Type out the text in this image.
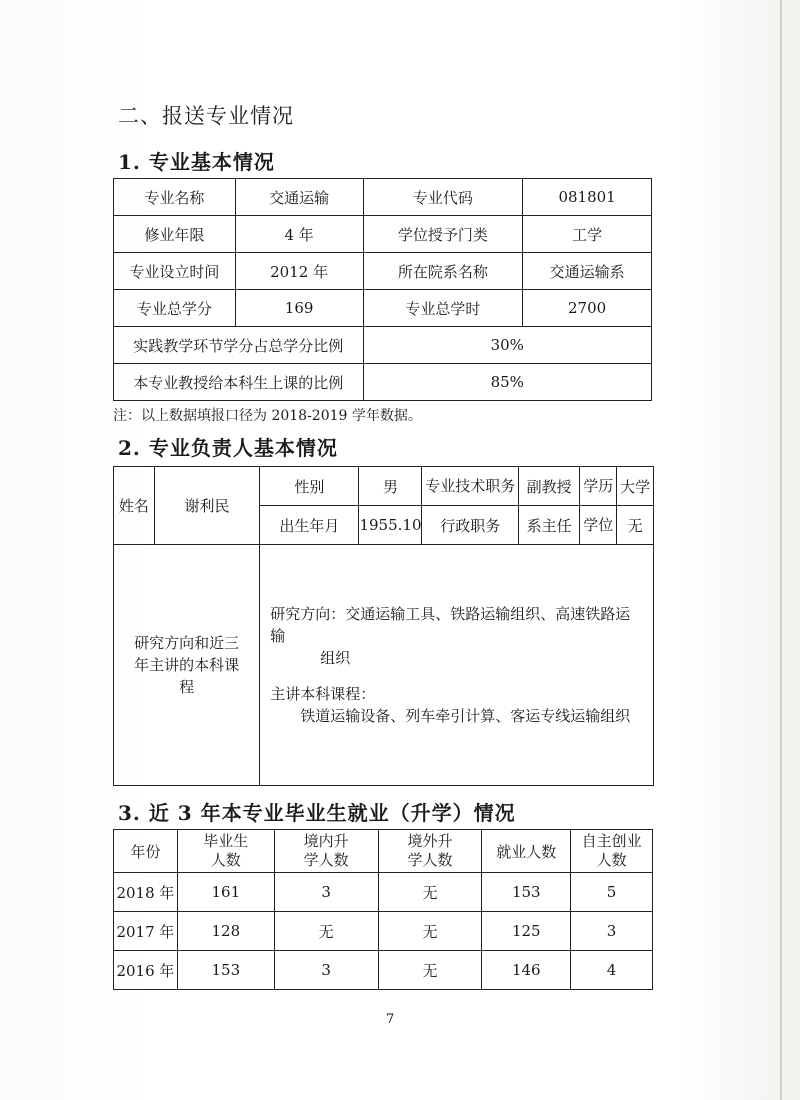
二、报送专业情况
1. 专业基本情况
专业名称	交通运输	专业代码	081801
修业年限	4 年	学位授予门类	工学
专业设立时间	2012 年	所在院系名称	交通运输系
专业总学分	169	专业总学时	2700
实践教学环节学分占总学分比例		30%	
本专业教授给本科生上课的比例		85%	
注：以上数据填报口径为 2018-2019 学年数据。
2. 专业负责人基本情况
姓名	谢利民	性别	男	专业技术职务	副教授	学历	大学
		出生年月	1955.10	行政职务	系主任	学位	无
研究方向和近三年主讲的本科课程		研究方向：交通运输工具、铁路运输组织、高速铁路运输
组织
主讲本科课程：
铁道运输设备、列车牵引计算、客运专线运输组织					
3. 近 3 年本专业毕业生就业（升学）情况
年份	毕业生人数	境内升学人数	境外升学人数	就业人数	自主创业人数
2018 年	161	3	无	153	5
2017 年	128	无	无	125	3
2016 年	153	3	无	146	4
7
